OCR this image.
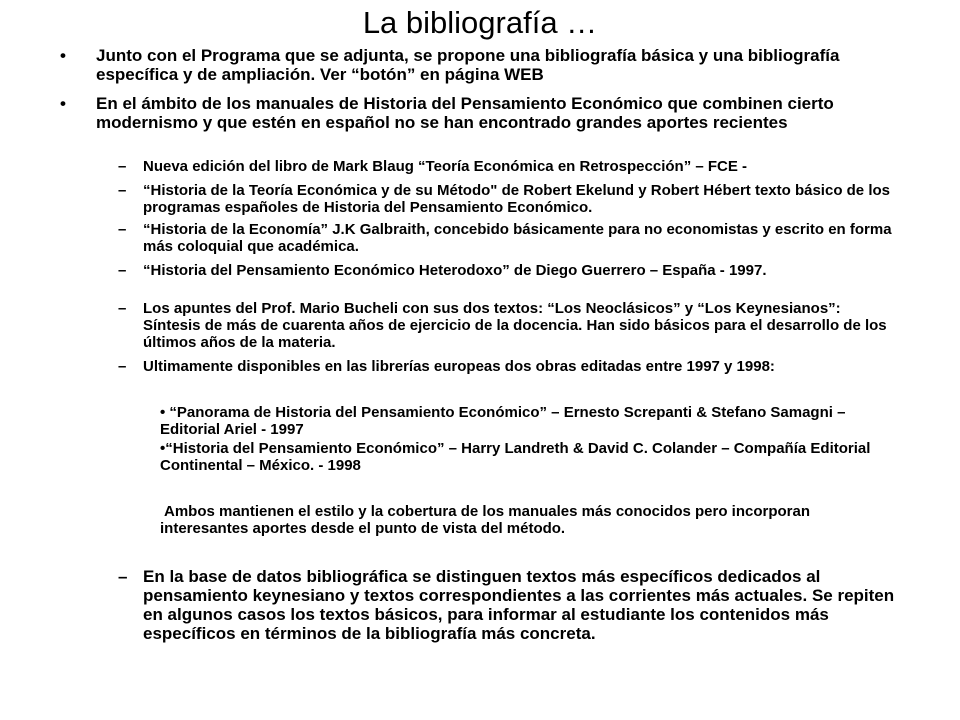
La bibliografía …
•	Junto con el Programa que se adjunta, se propone una bibliografía básica y una bibliografía específica y de ampliación. Ver “botón” en página WEB
•	En el ámbito de los manuales de Historia del Pensamiento Económico que combinen cierto modernismo y que estén en español no se han encontrado grandes aportes recientes
–	Nueva edición del libro de Mark Blaug “Teoría Económica en Retrospección” – FCE -
–	“Historia de la Teoría Económica y de su Método" de Robert Ekelund y Robert Hébert texto básico de los programas españoles de Historia del Pensamiento Económico.
–	“Historia de la Economía” J.K Galbraith, concebido básicamente para no economistas y escrito en forma más coloquial que académica.
–	“Historia del Pensamiento Económico Heterodoxo” de Diego Guerrero – España - 1997.
–	Los apuntes del Prof. Mario Bucheli con sus dos textos: “Los Neoclásicos” y “Los Keynesianos”: Síntesis de más de cuarenta años de ejercicio de la docencia. Han sido básicos para el desarrollo de los últimos años de la materia.
–	Ultimamente disponibles en las librerías europeas dos obras editadas entre 1997 y 1998:
• “Panorama de Historia del Pensamiento Económico” – Ernesto Screpanti & Stefano Samagni – Editorial Ariel - 1997
•“Historia del Pensamiento Económico” – Harry Landreth & David C. Colander – Compañía Editorial Continental – México. - 1998
Ambos mantienen el estilo y la cobertura de los manuales más conocidos pero incorporan interesantes aportes desde el punto de vista del método.
– En la base de datos bibliográfica se distinguen textos más específicos dedicados al pensamiento keynesiano y textos correspondientes a las corrientes más actuales. Se repiten en algunos casos los textos básicos, para informar al estudiante los contenidos más específicos en términos de la bibliografía más concreta.
